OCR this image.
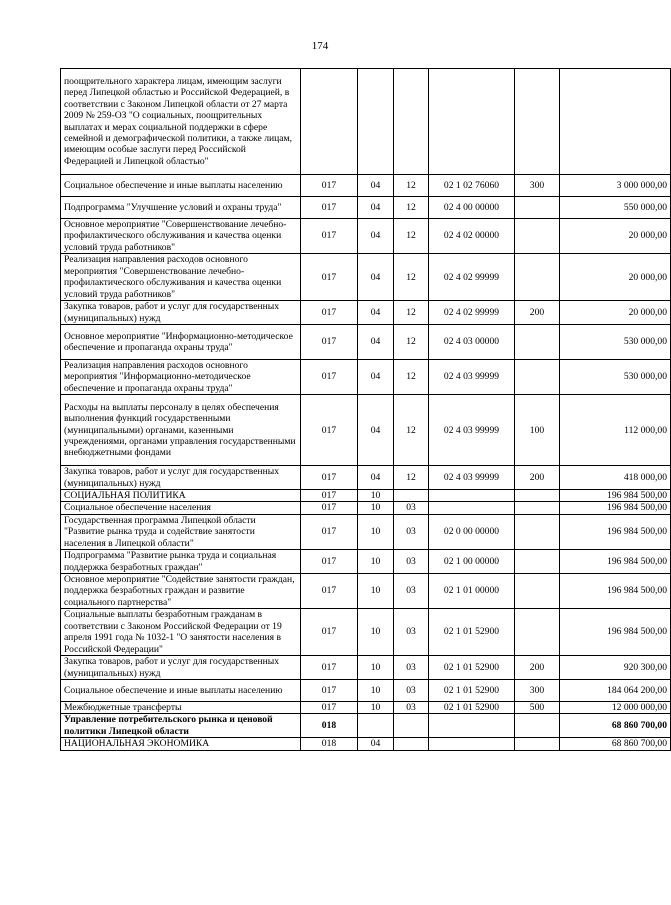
174
поощрительного характера лицам, имеющим заслуги перед Липецкой областью и Российской Федерацией, в соответствии с Законом Липецкой области от 27 марта 2009 № 259-ОЗ "О социальных, поощрительных выплатах и мерах социальной поддержки в сфере семейной и демографической политики, а также лицам, имеющим особые заслуги перед Российской Федерацией и Липецкой областью"						
Социальное обеспечение и иные выплаты населению	017	04	12	02 1 02 76060	300	3 000 000,00
Подпрограмма "Улучшение условий и охраны труда"	017	04	12	02 4 00 00000		550 000,00
Основное мероприятие "Совершенствование лечебно-профилактического обслуживания и качества оценки условий труда работников"	017	04	12	02 4 02 00000		20 000,00
Реализация направления расходов основного мероприятия "Совершенствование лечебно-профилактического обслуживания и качества оценки условий труда работников"	017	04	12	02 4 02 99999		20 000,00
Закупка товаров, работ и услуг для государственных (муниципальных) нужд	017	04	12	02 4 02 99999	200	20 000,00
Основное мероприятие "Информационно-методическое обеспечение и пропаганда охраны труда"	017	04	12	02 4 03 00000		530 000,00
Реализация направления расходов основного мероприятия "Информационно-методическое обеспечение и пропаганда охраны труда"	017	04	12	02 4 03 99999		530 000,00
Расходы на выплаты персоналу в целях обеспечения выполнения функций государственными (муниципальными) органами, казенными учреждениями, органами управления государственными внебюджетными фондами	017	04	12	02 4 03 99999	100	112 000,00
Закупка товаров, работ и услуг для государственных (муниципальных) нужд	017	04	12	02 4 03 99999	200	418 000,00
СОЦИАЛЬНАЯ ПОЛИТИКА	017	10				196 984 500,00
Социальное обеспечение населения	017	10	03			196 984 500,00
Государственная программа Липецкой области "Развитие рынка труда и содействие занятости населения в Липецкой области"	017	10	03	02 0 00 00000		196 984 500,00
Подпрограмма "Развитие рынка труда и социальная поддержка безработных граждан"	017	10	03	02 1 00 00000		196 984 500,00
Основное мероприятие "Содействие занятости граждан, поддержка безработных граждан и развитие социального партнерства"	017	10	03	02 1 01 00000		196 984 500,00
Социальные выплаты безработным гражданам в соответствии с Законом Российской Федерации от 19 апреля 1991 года № 1032-1 "О занятости населения в Российской Федерации"	017	10	03	02 1 01 52900		196 984 500,00
Закупка товаров, работ и услуг для государственных (муниципальных) нужд	017	10	03	02 1 01 52900	200	920 300,00
Социальное обеспечение и иные выплаты населению	017	10	03	02 1 01 52900	300	184 064 200,00
Межбюджетные трансферты	017	10	03	02 1 01 52900	500	12 000 000,00
Управление потребительского рынка и ценовой политики Липецкой области	018					68 860 700,00
НАЦИОНАЛЬНАЯ ЭКОНОМИКА	018	04				68 860 700,00
